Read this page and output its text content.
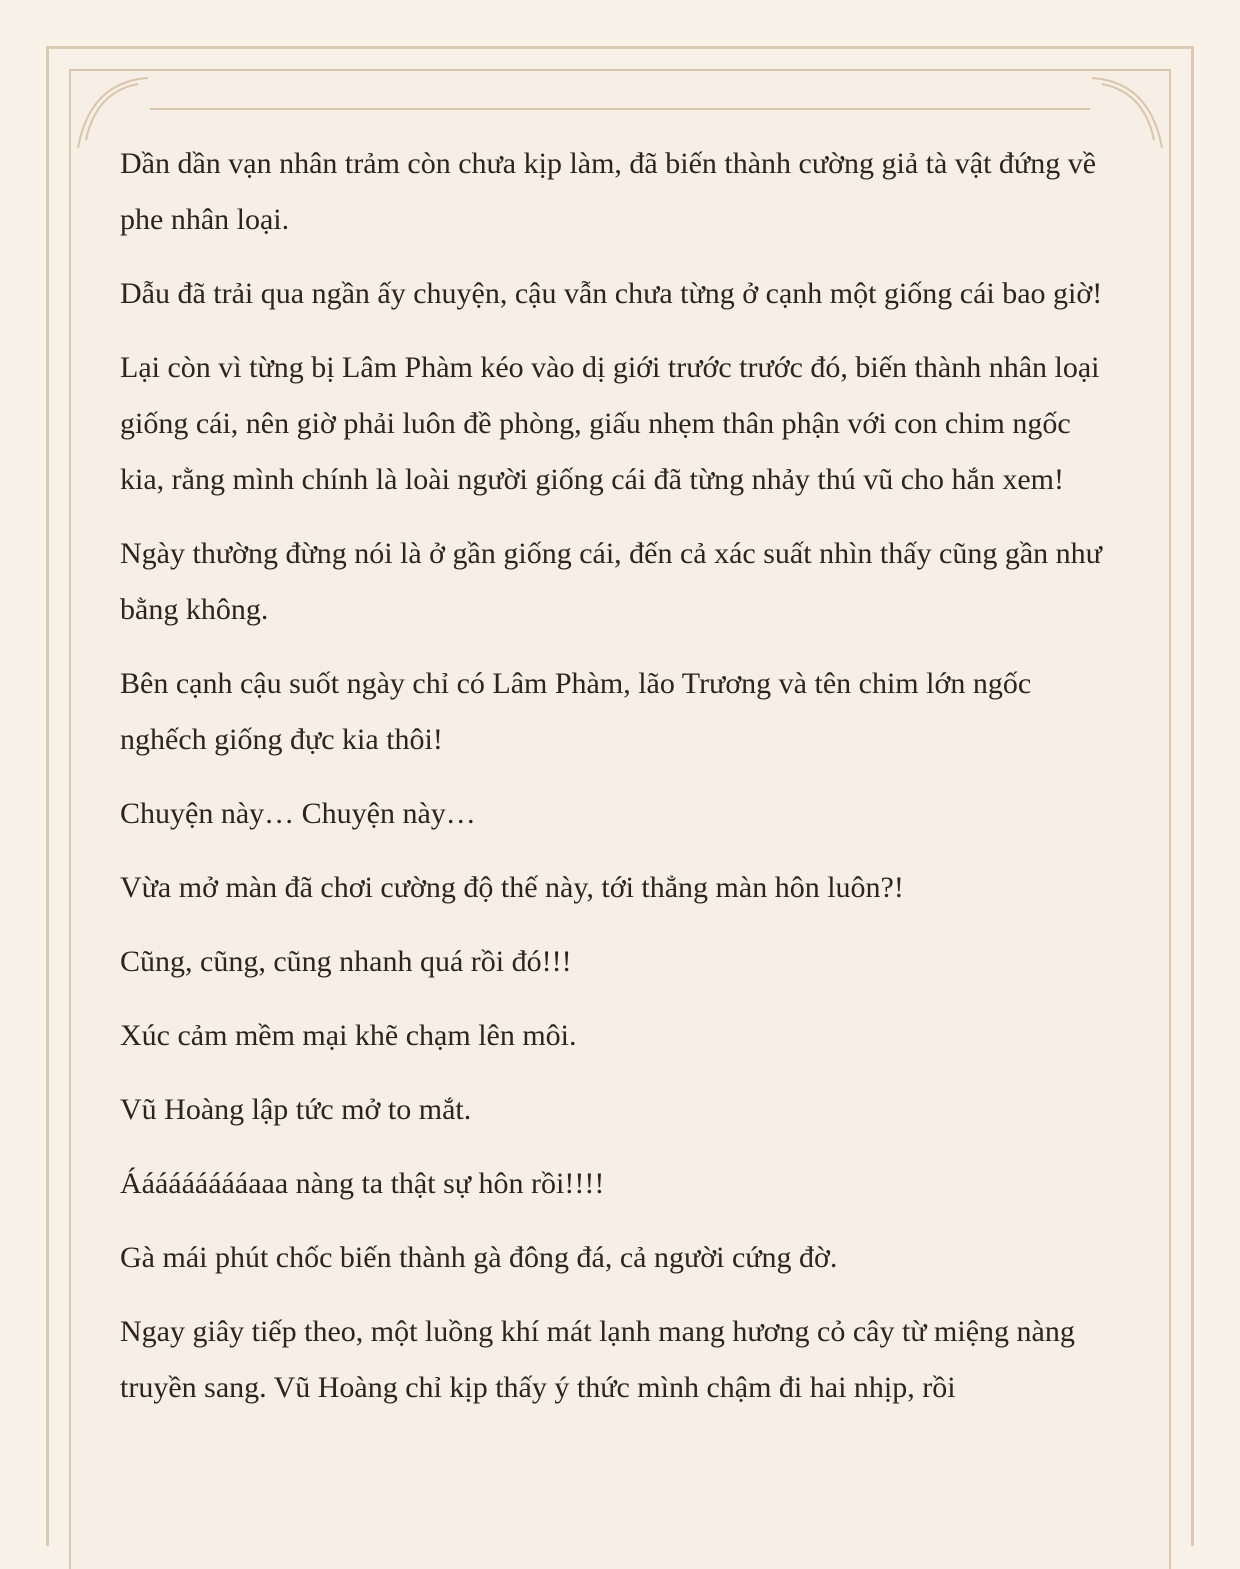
Dần dần vạn nhân trảm còn chưa kịp làm, đã biến thành cường giả tà vật đứng về phe nhân loại.

Dẫu đã trải qua ngần ấy chuyện, cậu vẫn chưa từng ở cạnh một giống cái bao giờ!

Lại còn vì từng bị Lâm Phàm kéo vào dị giới trước trước đó, biến thành nhân loại giống cái, nên giờ phải luôn đề phòng, giấu nhẹm thân phận với con chim ngốc kia, rằng mình chính là loài người giống cái đã từng nhảy thú vũ cho hắn xem!

Ngày thường đừng nói là ở gần giống cái, đến cả xác suất nhìn thấy cũng gần như bằng không.

Bên cạnh cậu suốt ngày chỉ có Lâm Phàm, lão Trương và tên chim lớn ngốc nghếch giống đực kia thôi!

Chuyện này… Chuyện này…

Vừa mở màn đã chơi cường độ thế này, tới thẳng màn hôn luôn?!

Cũng, cũng, cũng nhanh quá rồi đó!!!

Xúc cảm mềm mại khẽ chạm lên môi.

Vũ Hoàng lập tức mở to mắt.

Áááááááááaaa nàng ta thật sự hôn rồi!!!!

Gà mái phút chốc biến thành gà đông đá, cả người cứng đờ.

Ngay giây tiếp theo, một luồng khí mát lạnh mang hương cỏ cây từ miệng nàng truyền sang. Vũ Hoàng chỉ kịp thấy ý thức mình chậm đi hai nhịp, rồi
